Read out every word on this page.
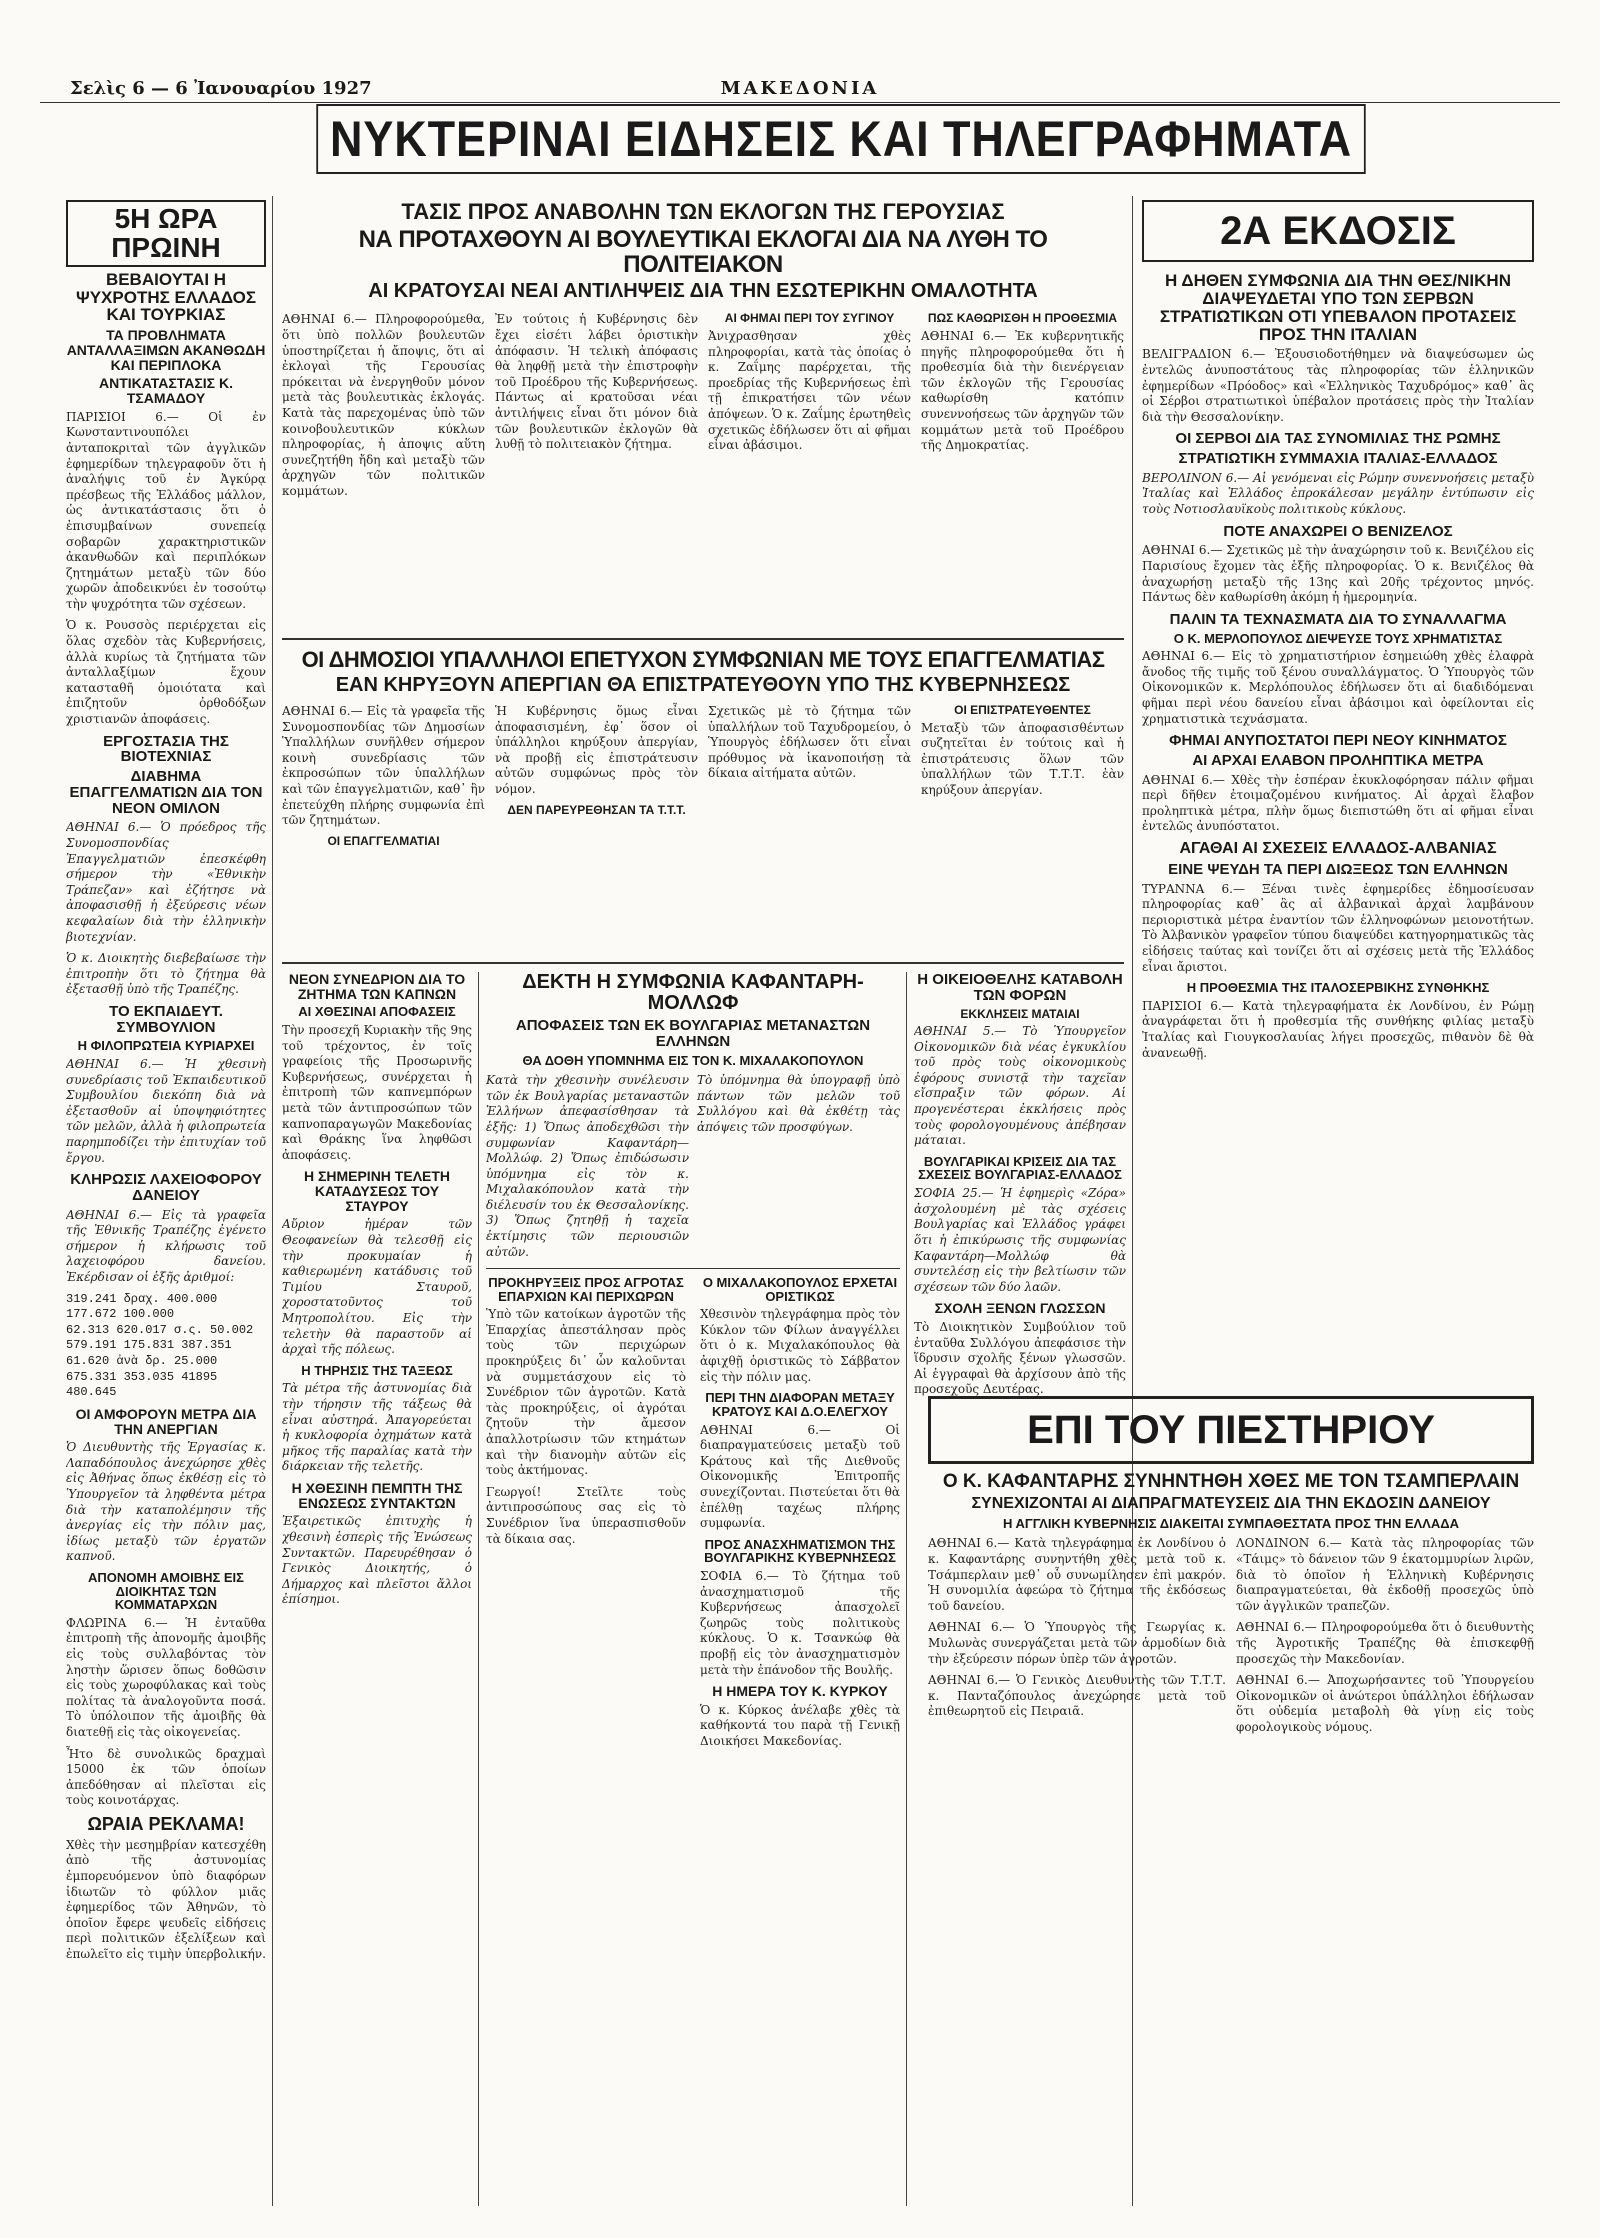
Σελὶς 6 — 6 Ἰανουαρίου 1927	ΜΑΚΕΔΟΝΙΑ
ΝΥΚΤΕΡΙΝΑΙ ΕΙΔΗΣΕΙΣ ΚΑΙ ΤΗΛΕΓΡΑΦΗΜΑΤΑ
5Η ΩΡΑ ΠΡΩΙΝΗ
ΒΕΒΑΙΟΥΤΑΙ Η ΨΥΧΡΟΤΗΣ ΕΛΛΑΔΟΣ ΚΑΙ ΤΟΥΡΚΙΑΣ
ΤΑ ΠΡΟΒΛΗΜΑΤΑ ΑΝΤΑΛΛΑΞΙΜΩΝ ΑΚΑΝΘΩΔΗ ΚΑΙ ΠΕΡΙΠΛΟΚΑ
ΑΝΤΙΚΑΤΑΣΤΑΣΙΣ Κ. ΤΣΑΜΑΔΟΥ

ΠΑΡΙΣΙΟΙ 6.— Οἱ ἐν Κωνσταντινουπόλει ἀνταποκριταὶ τῶν ἀγγλικῶν ἐφημερίδων τηλεγραφοῦν ὅτι ἡ ἀναλήψις τοῦ ἐν Ἀγκύρᾳ πρέσβεως τῆς Ἑλλάδος μάλλον, ὡς ἀντικατάστασις ὅτι ὁ ἐπισυμβαίνων συνεπείᾳ σοβαρῶν χαρακτηριστικῶν ἀκανθωδῶν καὶ περιπλόκων ζητημάτων μεταξὺ τῶν δύο χωρῶν ἀποδεικνύει ἐν τοσούτῳ τὴν ψυχρότητα τῶν σχέσεων.

Ὁ κ. Ρουσσὸς περιέρχεται εἰς ὅλας σχεδὸν τὰς Κυβερνήσεις, ἀλλὰ κυρίως τὰ ζητήματα τῶν ἀνταλλαξίμων ἔχουν κατασταθῆ ὁμοιότατα καὶ ἐπιζητοῦν ὀρθοδόξων χριστιανῶν ἀποφάσεις.

ΕΡΓΟΣΤΑΣΙΑ ΤΗΣ ΒΙΟΤΕΧΝΙΑΣ
ΔΙΑΒΗΜΑ ΕΠΑΓΓΕΛΜΑΤΙΩΝ ΔΙΑ ΤΟΝ ΝΕΟΝ ΟΜΙΛΟΝ

ΑΘΗΝΑΙ 6.— Ὁ πρόεδρος τῆς Συνομοσπονδίας Ἐπαγγελματιῶν ἐπεσκέφθη σήμερον τὴν «Ἐθνικὴν Τράπεζαν» καὶ ἐζήτησε νὰ ἀποφασισθῇ ἡ ἐξεύρεσις νέων κεφαλαίων διὰ τὴν ἑλληνικὴν βιοτεχνίαν.

Ὁ κ. Διοικητὴς διεβεβαίωσε τὴν ἐπιτροπὴν ὅτι τὸ ζήτημα θὰ ἐξετασθῇ ὑπὸ τῆς Τραπέζης.

ΤΟ ΕΚΠΑΙΔΕΥΤ. ΣΥΜΒΟΥΛΙΟΝ
Η ΦΙΛΟΠΡΩΤΕΙΑ ΚΥΡΙΑΡΧΕΙ

ΑΘΗΝΑΙ 6.— Ἡ χθεσινὴ συνεδρίασις τοῦ Ἐκπαιδευτικοῦ Συμβουλίου διεκόπη διὰ νὰ ἐξετασθοῦν αἱ ὑποψηφιότητες τῶν μελῶν, ἀλλὰ ἡ φιλοπρωτεία παρημποδίζει τὴν ἐπιτυχίαν τοῦ ἔργου.

ΚΛΗΡΩΣΙΣ ΛΑΧΕΙΟΦΟΡΟΥ ΔΑΝΕΙΟΥ

ΑΘΗΝΑΙ 6.— Εἰς τὰ γραφεῖα τῆς Ἐθνικῆς Τραπέζης ἐγένετο σήμερον ἡ κλήρωσις τοῦ λαχειοφόρου δανείου. Ἐκέρδισαν οἱ ἑξῆς ἀριθμοί:

319.241 δραχ. 400.000
177.672 100.000
62.313 620.017 σ.ς. 50.002
579.191 175.831 387.351
61.620 ἀνὰ δρ. 25.000
675.331 353.035 41895 480.645
ΟΙ ΑΜΦΟΡΟΥΝ ΜΕΤΡΑ ΔΙΑ ΤΗΝ ΑΝΕΡΓΙΑΝ

Ὁ Διευθυντὴς τῆς Ἐργασίας κ. Λαπαδόπουλος ἀνεχώρησε χθὲς εἰς Ἀθήνας ὅπως ἐκθέσῃ εἰς τὸ Ὑπουργεῖον τὰ ληφθέντα μέτρα διὰ τὴν καταπολέμησιν τῆς ἀνεργίας εἰς τὴν πόλιν μας, ἰδίως μεταξὺ τῶν ἐργατῶν καπνοῦ.

ΑΠΟΝΟΜΗ ΑΜΟΙΒΗΣ ΕΙΣ ΔΙΟΙΚΗΤΑΣ ΤΩΝ ΚΟΜΜΑΤΑΡΧΩΝ

ΦΛΩΡΙΝΑ 6.— Ἡ ἐνταῦθα ἐπιτροπὴ τῆς ἀπονομῆς ἀμοιβῆς εἰς τοὺς συλλαβόντας τὸν ληστὴν ὥρισεν ὅπως δοθῶσιν εἰς τοὺς χωροφύλακας καὶ τοὺς πολίτας τὰ ἀναλογοῦντα ποσά. Τὸ ὑπόλοιπον τῆς ἀμοιβῆς θὰ διατεθῇ εἰς τὰς οἰκογενείας.

Ἦτο δὲ συνολικῶς δραχμαὶ 15000 ἐκ τῶν ὁποίων ἀπεδόθησαν αἱ πλεῖσται εἰς τοὺς κοινοτάρχας.

ΩΡΑΙΑ ΡΕΚΛΑΜΑ!

Χθὲς τὴν μεσημβρίαν κατεσχέθη ἀπὸ τῆς ἀστυνομίας ἐμπορευόμενον ὑπὸ διαφόρων ἰδιωτῶν τὸ φύλλον μιᾶς ἐφημερίδος τῶν Ἀθηνῶν, τὸ ὁποῖον ἔφερε ψευδεῖς εἰδήσεις περὶ πολιτικῶν ἐξελίξεων καὶ ἐπωλεῖτο εἰς τιμὴν ὑπερβολικήν.

ΤΑΣΙΣ ΠΡΟΣ ΑΝΑΒΟΛΗΝ ΤΩΝ ΕΚΛΟΓΩΝ ΤΗΣ ΓΕΡΟΥΣΙΑΣ
ΝΑ ΠΡΟΤΑΧΘΟΥΝ ΑΙ ΒΟΥΛΕΥΤΙΚΑΙ ΕΚΛΟΓΑΙ ΔΙΑ ΝΑ ΛΥΘΗ ΤΟ ΠΟΛΙΤΕΙΑΚΟΝ
ΑΙ ΚΡΑΤΟΥΣΑΙ ΝΕΑΙ ΑΝΤΙΛΗΨΕΙΣ ΔΙΑ ΤΗΝ ΕΣΩΤΕΡΙΚΗΝ ΟΜΑΛΟΤΗΤΑ

ΑΘΗΝΑΙ 6.— Πληροφορούμεθα, ὅτι ὑπὸ πολλῶν βουλευτῶν ὑποστηρίζεται ἡ ἄποψις, ὅτι αἱ ἐκλογαὶ τῆς Γερουσίας πρόκειται νὰ ἐνεργηθοῦν μόνον μετὰ τὰς βουλευτικὰς ἐκλογάς. Κατὰ τὰς παρεχομένας ὑπὸ τῶν κοινοβουλευτικῶν κύκλων πληροφορίας, ἡ ἀποψις αὕτη συνεζητήθη ἤδη καὶ μεταξὺ τῶν ἀρχηγῶν τῶν πολιτικῶν κομμάτων.

Ἐν τούτοις ἡ Κυβέρνησις δὲν ἔχει εἰσέτι λάβει ὁριστικὴν ἀπόφασιν. Ἡ τελικὴ ἀπόφασις θὰ ληφθῇ μετὰ τὴν ἐπιστροφὴν τοῦ Προέδρου τῆς Κυβερνήσεως. Πάντως αἱ κρατοῦσαι νέαι ἀντιλήψεις εἶναι ὅτι μόνον διὰ τῶν βουλευτικῶν ἐκλογῶν θὰ λυθῇ τὸ πολιτειακὸν ζήτημα.

ΑΙ ΦΗΜΑΙ ΠΕΡΙ ΤΟΥ ΣΥΓΙΝΟΥ

Ἀνιχρασθησαν χθὲς πληροφορίαι, κατὰ τὰς ὁποίας ὁ κ. Ζαΐμης παρέρχεται, τῆς προεδρίας τῆς Κυβερνήσεως ἐπὶ τῇ ἐπικρατήσει τῶν νέων ἀπόψεων. Ὁ κ. Ζαΐμης ἐρωτηθεὶς σχετικῶς ἐδήλωσεν ὅτι αἱ φῆμαι εἶναι ἀβάσιμοι.

ΠΩΣ ΚΑΘΩΡΙΣΘΗ Η ΠΡΟΘΕΣΜΙΑ

ΑΘΗΝΑΙ 6.— Ἐκ κυβερνητικῆς πηγῆς πληροφορούμεθα ὅτι ἡ προθεσμία διὰ τὴν διενέργειαν τῶν ἐκλογῶν τῆς Γερουσίας καθωρίσθη κατόπιν συνεννοήσεως τῶν ἀρχηγῶν τῶν κομμάτων μετὰ τοῦ Προέδρου τῆς Δημοκρατίας.

ΟΙ ΔΗΜΟΣΙΟΙ ΥΠΑΛΛΗΛΟΙ ΕΠΕΤΥΧΟΝ ΣΥΜΦΩΝΙΑΝ ΜΕ ΤΟΥΣ ΕΠΑΓΓΕΛΜΑΤΙΑΣ
ΕΑΝ ΚΗΡΥΞΟΥΝ ΑΠΕΡΓΙΑΝ ΘΑ ΕΠΙΣΤΡΑΤΕΥΘΟΥΝ ΥΠΟ ΤΗΣ ΚΥΒΕΡΝΗΣΕΩΣ

ΑΘΗΝΑΙ 6.— Εἰς τὰ γραφεῖα τῆς Συνομοσπονδίας τῶν Δημοσίων Ὑπαλλήλων συνῆλθεν σήμερον κοινὴ συνεδρίασις τῶν ἐκπροσώπων τῶν ὑπαλλήλων καὶ τῶν ἐπαγγελματιῶν, καθ᾽ ἣν ἐπετεύχθη πλήρης συμφωνία ἐπὶ τῶν ζητημάτων.

ΟΙ ΕΠΑΓΓΕΛΜΑΤΙΑΙ

Ἡ Κυβέρνησις ὅμως εἶναι ἀποφασισμένη, ἐφ᾽ ὅσον οἱ ὑπάλληλοι κηρύξουν ἀπεργίαν, νὰ προβῇ εἰς ἐπιστράτευσιν αὐτῶν συμφώνως πρὸς τὸν νόμον.

ΔΕΝ ΠΑΡΕΥΡΕΘΗΣΑΝ ΤΑ Τ.Τ.Τ.

Σχετικῶς μὲ τὸ ζήτημα τῶν ὑπαλλήλων τοῦ Ταχυδρομείου, ὁ Ὑπουργὸς ἐδήλωσεν ὅτι εἶναι πρόθυμος νὰ ἱκανοποιήσῃ τὰ δίκαια αἰτήματα αὐτῶν.

ΟΙ ΕΠΙΣΤΡΑΤΕΥΘΕΝΤΕΣ

Μεταξὺ τῶν ἀποφασισθέντων συζητεῖται ἐν τούτοις καὶ ἡ ἐπιστράτευσις ὅλων τῶν ὑπαλλήλων τῶν Τ.Τ.Τ. ἐὰν κηρύξουν ἀπεργίαν.

ΝΕΟΝ ΣΥΝΕΔΡΙΟΝ ΔΙΑ ΤΟ ΖΗΤΗΜΑ ΤΩΝ ΚΑΠΝΩΝ
ΑΙ ΧΘΕΣΙΝΑΙ ΑΠΟΦΑΣΕΙΣ

Τὴν προσεχῆ Κυριακὴν τῆς 9ης τοῦ τρέχοντος, ἐν τοῖς γραφείοις τῆς Προσωρινῆς Κυβερνήσεως, συνέρχεται ἡ ἐπιτροπὴ τῶν καπνεμπόρων μετὰ τῶν ἀντιπροσώπων τῶν καπνοπαραγωγῶν Μακεδονίας καὶ Θράκης ἵνα ληφθῶσι ἀποφάσεις.

Η ΣΗΜΕΡΙΝΗ ΤΕΛΕΤΗ ΚΑΤΑΔΥΣΕΩΣ ΤΟΥ ΣΤΑΥΡΟΥ

Αὔριον ἡμέραν τῶν Θεοφανείων θὰ τελεσθῇ εἰς τὴν προκυμαίαν ἡ καθιερωμένη κατάδυσις τοῦ Τιμίου Σταυροῦ, χοροστατοῦντος τοῦ Μητροπολίτου. Εἰς τὴν τελετὴν θὰ παραστοῦν αἱ ἀρχαὶ τῆς πόλεως.

Η ΤΗΡΗΣΙΣ ΤΗΣ ΤΑΞΕΩΣ

Τὰ μέτρα τῆς ἀστυνομίας διὰ τὴν τήρησιν τῆς τάξεως θὰ εἶναι αὐστηρά. Ἀπαγορεύεται ἡ κυκλοφορία ὀχημάτων κατὰ μῆκος τῆς παραλίας κατὰ τὴν διάρκειαν τῆς τελετῆς.

Η ΧΘΕΣΙΝΗ ΠΕΜΠΤΗ ΤΗΣ ΕΝΩΣΕΩΣ ΣΥΝΤΑΚΤΩΝ

Ἐξαιρετικῶς ἐπιτυχὴς ἡ χθεσινὴ ἑσπερὶς τῆς Ἑνώσεως Συντακτῶν. Παρευρέθησαν ὁ Γενικὸς Διοικητής, ὁ Δήμαρχος καὶ πλεῖστοι ἄλλοι ἐπίσημοι.

ΔΕΚΤΗ Η ΣΥΜΦΩΝΙΑ ΚΑΦΑΝΤΑΡΗ-ΜΟΛΛΩΦ
ΑΠΟΦΑΣΕΙΣ ΤΩΝ ΕΚ ΒΟΥΛΓΑΡΙΑΣ ΜΕΤΑΝΑΣΤΩΝ ΕΛΛΗΝΩΝ
ΘΑ ΔΟΘΗ ΥΠΟΜΝΗΜΑ ΕΙΣ ΤΟΝ Κ. ΜΙΧΑΛΑΚΟΠΟΥΛΟΝ

Κατὰ τὴν χθεσινὴν συνέλευσιν τῶν ἐκ Βουλγαρίας μεταναστῶν Ἑλλήνων ἀπεφασίσθησαν τὰ ἑξῆς: 1) Ὅπως ἀποδεχθῶσι τὴν συμφωνίαν Καφαντάρη—Μολλώφ. 2) Ὅπως ἐπιδώσωσιν ὑπόμνημα εἰς τὸν κ. Μιχαλακόπουλον κατὰ τὴν διέλευσίν του ἐκ Θεσσαλονίκης. 3) Ὅπως ζητηθῇ ἡ ταχεῖα ἐκτίμησις τῶν περιουσιῶν αὐτῶν.

Τὸ ὑπόμνημα θὰ ὑπογραφῇ ὑπὸ πάντων τῶν μελῶν τοῦ Συλλόγου καὶ θὰ ἐκθέτῃ τὰς ἀπόψεις τῶν προσφύγων.

ΠΡΟΚΗΡΥΞΕΙΣ ΠΡΟΣ ΑΓΡΟΤΑΣ ΕΠΑΡΧΙΩΝ ΚΑΙ ΠΕΡΙΧΩΡΩΝ

Ὑπὸ τῶν κατοίκων ἀγροτῶν τῆς Ἐπαρχίας ἀπεστάλησαν πρὸς τοὺς τῶν περιχώρων προκηρύξεις δι᾽ ὧν καλοῦνται νὰ συμμετάσχουν εἰς τὸ Συνέδριον τῶν ἀγροτῶν. Κατὰ τὰς προκηρύξεις, οἱ ἀγρόται ζητοῦν τὴν ἄμεσον ἀπαλλοτρίωσιν τῶν κτημάτων καὶ τὴν διανομὴν αὐτῶν εἰς τοὺς ἀκτήμονας.

Γεωργοί! Στεῖλτε τοὺς ἀντιπροσώπους σας εἰς τὸ Συνέδριον ἵνα ὑπερασπισθοῦν τὰ δίκαια σας.

Ο ΜΙΧΑΛΑΚΟΠΟΥΛΟΣ ΕΡΧΕΤΑΙ ΟΡΙΣΤΙΚΩΣ

Χθεσινὸν τηλεγράφημα πρὸς τὸν Κύκλον τῶν Φίλων ἀναγγέλλει ὅτι ὁ κ. Μιχαλακόπουλος θὰ ἀφιχθῇ ὁριστικῶς τὸ Σάββατον εἰς τὴν πόλιν μας.

ΠΕΡΙ ΤΗΝ ΔΙΑΦΟΡΑΝ ΜΕΤΑΞΥ ΚΡΑΤΟΥΣ ΚΑΙ Δ.Ο.ΕΛΕΓΧΟΥ

ΑΘΗΝΑΙ 6.— Οἱ διαπραγματεύσεις μεταξὺ τοῦ Κράτους καὶ τῆς Διεθνοῦς Οἰκονομικῆς Ἐπιτροπῆς συνεχίζονται. Πιστεύεται ὅτι θὰ ἐπέλθῃ ταχέως πλήρης συμφωνία.

ΠΡΟΣ ΑΝΑΣΧΗΜΑΤΙΣΜΟΝ ΤΗΣ ΒΟΥΛΓΑΡΙΚΗΣ ΚΥΒΕΡΝΗΣΕΩΣ

ΣΟΦΙΑ 6.— Τὸ ζήτημα τοῦ ἀνασχηματισμοῦ τῆς Κυβερνήσεως ἀπασχολεῖ ζωηρῶς τοὺς πολιτικοὺς κύκλους. Ὁ κ. Τσανκώφ θὰ προβῇ εἰς τὸν ἀνασχηματισμὸν μετὰ τὴν ἐπάνοδον τῆς Βουλῆς.

Η ΗΜΕΡΑ ΤΟΥ Κ. ΚΥΡΚΟΥ

Ὁ κ. Κύρκος ἀνέλαβε χθὲς τὰ καθήκοντά του παρὰ τῇ Γενικῇ Διοικήσει Μακεδονίας.

Η ΟΙΚΕΙΟΘΕΛΗΣ ΚΑΤΑΒΟΛΗ ΤΩΝ ΦΟΡΩΝ
ΕΚΚΛΗΣΕΙΣ ΜΑΤΑΙΑΙ

ΑΘΗΝΑΙ 5.— Τὸ Ὑπουργεῖον Οἰκονομικῶν διὰ νέας ἐγκυκλίου τοῦ πρὸς τοὺς οἰκονομικοὺς ἐφόρους συνιστᾷ τὴν ταχεῖαν εἴσπραξιν τῶν φόρων. Αἱ προγενέστεραι ἐκκλήσεις πρὸς τοὺς φορολογουμένους ἀπέβησαν μάταιαι.

ΒΟΥΛΓΑΡΙΚΑΙ ΚΡΙΣΕΙΣ ΔΙΑ ΤΑΣ ΣΧΕΣΕΙΣ ΒΟΥΛΓΑΡΙΑΣ-ΕΛΛΑΔΟΣ

ΣΟΦΙΑ 25.— Ἡ ἐφημερὶς «Ζόρα» ἀσχολουμένη μὲ τὰς σχέσεις Βουλγαρίας καὶ Ἑλλάδος γράφει ὅτι ἡ ἐπικύρωσις τῆς συμφωνίας Καφαντάρη—Μολλώφ θὰ συντελέσῃ εἰς τὴν βελτίωσιν τῶν σχέσεων τῶν δύο λαῶν.

ΣΧΟΛΗ ΞΕΝΩΝ ΓΛΩΣΣΩΝ

Τὸ Διοικητικὸν Συμβούλιον τοῦ ἐνταῦθα Συλλόγου ἀπεφάσισε τὴν ἵδρυσιν σχολῆς ξένων γλωσσῶν. Αἱ ἐγγραφαὶ θὰ ἀρχίσουν ἀπὸ τῆς προσεχοῦς Δευτέρας.

2Α ΕΚΔΟΣΙΣ
Η ΔΗΘΕΝ ΣΥΜΦΩΝΙΑ ΔΙΑ ΤΗΝ ΘΕΣ/ΝΙΚΗΝ ΔΙΑΨΕΥΔΕΤΑΙ ΥΠΟ ΤΩΝ ΣΕΡΒΩΝ ΣΤΡΑΤΙΩΤΙΚΩΝ ΟΤΙ ΥΠΕΒΑΛΟΝ ΠΡΟΤΑΣΕΙΣ ΠΡΟΣ ΤΗΝ ΙΤΑΛΙΑΝ

ΒΕΛΙΓΡΑΔΙΟΝ 6.— Ἐξουσιοδοτήθημεν νὰ διαψεύσωμεν ὡς ἐντελῶς ἀνυποστάτους τὰς πληροφορίας τῶν ἑλληνικῶν ἐφημερίδων «Πρόοδος» καὶ «Ἑλληνικὸς Ταχυδρόμος» καθ᾽ ἃς οἱ Σέρβοι στρατιωτικοὶ ὑπέβαλον προτάσεις πρὸς τὴν Ἰταλίαν διὰ τὴν Θεσσαλονίκην.

ΟΙ ΣΕΡΒΟΙ ΔΙΑ ΤΑΣ ΣΥΝΟΜΙΛΙΑΣ ΤΗΣ ΡΩΜΗΣ
ΣΤΡΑΤΙΩΤΙΚΗ ΣΥΜΜΑΧΙΑ ΙΤΑΛΙΑΣ-ΕΛΛΑΔΟΣ

ΒΕΡΟΛΙΝΟΝ 6.— Αἱ γενόμεναι εἰς Ρώμην συνεννοήσεις μεταξὺ Ἰταλίας καὶ Ἑλλάδος ἐπροκάλεσαν μεγάλην ἐντύπωσιν εἰς τοὺς Νοτιοσλαυϊκοὺς πολιτικοὺς κύκλους.

ΠΟΤΕ ΑΝΑΧΩΡΕΙ Ο ΒΕΝΙΖΕΛΟΣ

ΑΘΗΝΑΙ 6.— Σχετικῶς μὲ τὴν ἀναχώρησιν τοῦ κ. Βενιζέλου εἰς Παρισίους ἔχομεν τὰς ἑξῆς πληροφορίας. Ὁ κ. Βενιζέλος θὰ ἀναχωρήσῃ μεταξὺ τῆς 13ης καὶ 20ῆς τρέχοντος μηνός. Πάντως δὲν καθωρίσθη ἀκόμη ἡ ἡμερομηνία.

ΠΑΛΙΝ ΤΑ ΤΕΧΝΑΣΜΑΤΑ ΔΙΑ ΤΟ ΣΥΝΑΛΛΑΓΜΑ
Ο Κ. ΜΕΡΛΟΠΟΥΛΟΣ ΔΙΕΨΕΥΣΕ ΤΟΥΣ ΧΡΗΜΑΤΙΣΤΑΣ

ΑΘΗΝΑΙ 6.— Εἰς τὸ χρηματιστήριον ἐσημειώθη χθὲς ἐλαφρὰ ἄνοδος τῆς τιμῆς τοῦ ξένου συναλλάγματος. Ὁ Ὑπουργὸς τῶν Οἰκονομικῶν κ. Μερλόπουλος ἐδήλωσεν ὅτι αἱ διαδιδόμεναι φῆμαι περὶ νέου δανείου εἶναι ἀβάσιμοι καὶ ὀφείλονται εἰς χρηματιστικὰ τεχνάσματα.

ΦΗΜΑΙ ΑΝΥΠΟΣΤΑΤΟΙ ΠΕΡΙ ΝΕΟΥ ΚΙΝΗΜΑΤΟΣ
ΑΙ ΑΡΧΑΙ ΕΛΑΒΟΝ ΠΡΟΛΗΠΤΙΚΑ ΜΕΤΡΑ

ΑΘΗΝΑΙ 6.— Χθὲς τὴν ἑσπέραν ἐκυκλοφόρησαν πάλιν φῆμαι περὶ δῆθεν ἐτοιμαζομένου κινήματος. Αἱ ἀρχαὶ ἔλαβον προληπτικὰ μέτρα, πλὴν ὅμως διεπιστώθη ὅτι αἱ φῆμαι εἶναι ἐντελῶς ἀνυπόστατοι.

ΑΓΑΘΑΙ ΑΙ ΣΧΕΣΕΙΣ ΕΛΛΑΔΟΣ-ΑΛΒΑΝΙΑΣ
ΕΙΝΕ ΨΕΥΔΗ ΤΑ ΠΕΡΙ ΔΙΩΞΕΩΣ ΤΩΝ ΕΛΛΗΝΩΝ

ΤΥΡΑΝΝΑ 6.— Ξέναι τινὲς ἐφημερίδες ἐδημοσίευσαν πληροφορίας καθ᾽ ἃς αἱ ἀλβανικαὶ ἀρχαὶ λαμβάνουν περιοριστικὰ μέτρα ἐναντίον τῶν ἑλληνοφώνων μειονοτήτων. Τὸ Ἀλβανικὸν γραφεῖον τύπου διαψεύδει κατηγορηματικῶς τὰς εἰδήσεις ταύτας καὶ τονίζει ὅτι αἱ σχέσεις μετὰ τῆς Ἑλλάδος εἶναι ἄριστοι.

Η ΠΡΟΘΕΣΜΙΑ ΤΗΣ ΙΤΑΛΟΣΕΡΒΙΚΗΣ ΣΥΝΘΗΚΗΣ

ΠΑΡΙΣΙΟΙ 6.— Κατὰ τηλεγραφήματα ἐκ Λονδίνου, ἐν Ρώμῃ ἀναγράφεται ὅτι ἡ προθεσμία τῆς συνθήκης φιλίας μεταξὺ Ἰταλίας καὶ Γιουγκοσλαυίας λήγει προσεχῶς, πιθανὸν δὲ θὰ ἀνανεωθῇ.

ΕΠΙ ΤΟΥ ΠΙΕΣΤΗΡΙΟΥ
Ο Κ. ΚΑΦΑΝΤΑΡΗΣ ΣΥΝΗΝΤΗΘΗ ΧΘΕΣ ΜΕ ΤΟΝ ΤΣΑΜΠΕΡΛΑΙΝ
ΣΥΝΕΧΙΖΟΝΤΑΙ ΑΙ ΔΙΑΠΡΑΓΜΑΤΕΥΣΕΙΣ ΔΙΑ ΤΗΝ ΕΚΔΟΣΙΝ ΔΑΝΕΙΟΥ
Η ΑΓΓΛΙΚΗ ΚΥΒΕΡΝΗΣΙΣ ΔΙΑΚΕΙΤΑΙ ΣΥΜΠΑΘΕΣΤΑΤΑ ΠΡΟΣ ΤΗΝ ΕΛΛΑΔΑ

ΑΘΗΝΑΙ 6.— Κατὰ τηλεγράφημα ἐκ Λονδίνου ὁ κ. Καφαντάρης συνηντήθη χθὲς μετὰ τοῦ κ. Τσάμπερλαιν μεθ᾽ οὗ συνωμίλησεν ἐπὶ μακρόν. Ἡ συνομιλία ἀφεώρα τὸ ζήτημα τῆς ἐκδόσεως τοῦ δανείου.

ΑΘΗΝΑΙ 6.— Ὁ Ὑπουργὸς τῆς Γεωργίας κ. Μυλωνὰς συνεργάζεται μετὰ τῶν ἁρμοδίων διὰ τὴν ἐξεύρεσιν πόρων ὑπὲρ τῶν ἀγροτῶν.

ΑΘΗΝΑΙ 6.— Ὁ Γενικὸς Διευθυντὴς τῶν Τ.Τ.Τ. κ. Πανταζόπουλος ἀνεχώρησε μετὰ τοῦ ἐπιθεωρητοῦ εἰς Πειραιᾶ.

ΛΟΝΔΙΝΟΝ 6.— Κατὰ τὰς πληροφορίας τῶν «Τάιμς» τὸ δάνειον τῶν 9 ἑκατομμυρίων λιρῶν, διὰ τὸ ὁποῖον ἡ Ἑλληνικὴ Κυβέρνησις διαπραγματεύεται, θὰ ἐκδοθῇ προσεχῶς ὑπὸ τῶν ἀγγλικῶν τραπεζῶν.

ΑΘΗΝΑΙ 6.— Πληροφορούμεθα ὅτι ὁ διευθυντὴς τῆς Ἀγροτικῆς Τραπέζης θὰ ἐπισκεφθῇ προσεχῶς τὴν Μακεδονίαν.

ΑΘΗΝΑΙ 6.— Ἀποχωρήσαντες τοῦ Ὑπουργείου Οἰκονομικῶν οἱ ἀνώτεροι ὑπάλληλοι ἐδήλωσαν ὅτι οὐδεμία μεταβολὴ θὰ γίνῃ εἰς τοὺς φορολογικοὺς νόμους.
